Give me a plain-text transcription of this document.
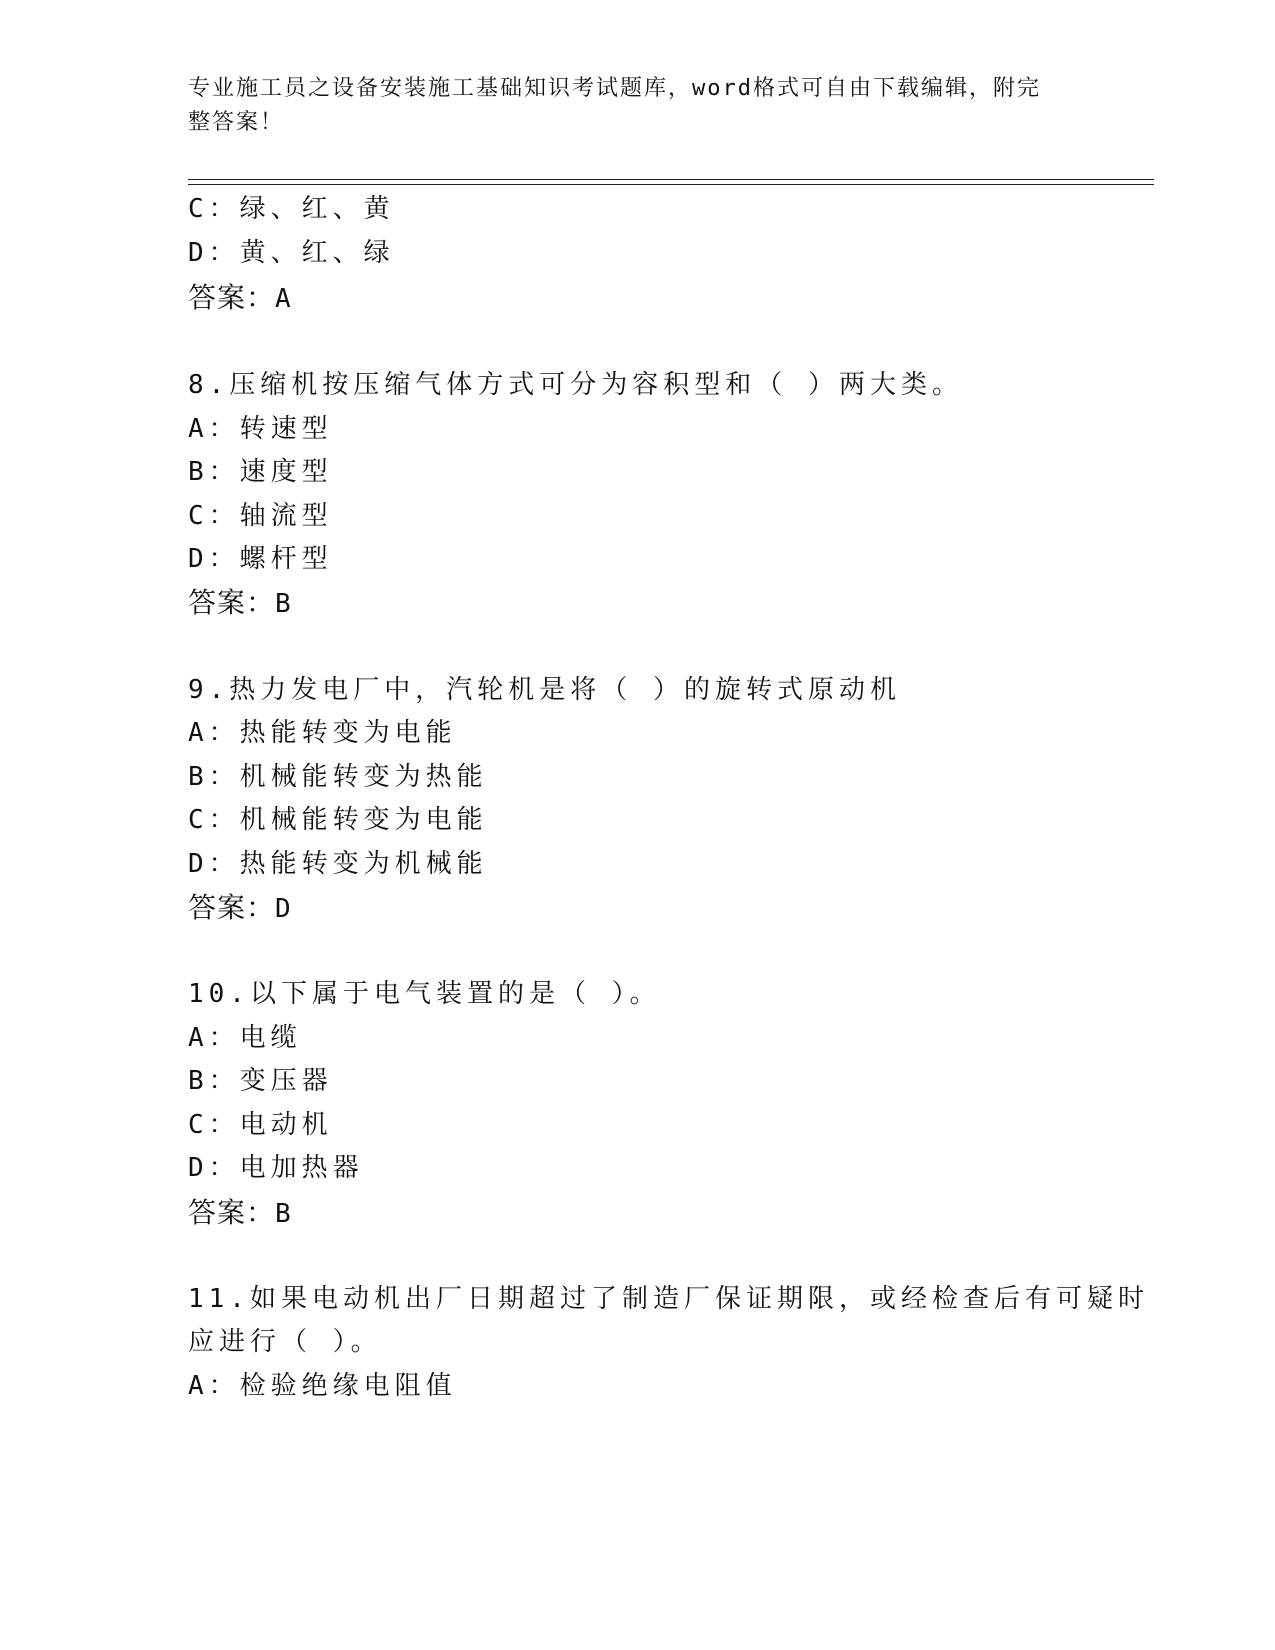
专业施工员之设备安装施工基础知识考试题库，word格式可自由下载编辑，附完
整答案！
C：绿、红、黄
D：黄、红、绿
答案：A
8.压缩机按压缩气体方式可分为容积型和（ ）两大类。
A：转速型
B：速度型
C：轴流型
D：螺杆型
答案：B
9.热力发电厂中，汽轮机是将（ ）的旋转式原动机
A：热能转变为电能
B：机械能转变为热能
C：机械能转变为电能
D：热能转变为机械能
答案：D
10.以下属于电气装置的是（ ）。
A：电缆
B：变压器
C：电动机
D：电加热器
答案：B
11.如果电动机出厂日期超过了制造厂保证期限，或经检查后有可疑时
应进行（ ）。
A：检验绝缘电阻值
